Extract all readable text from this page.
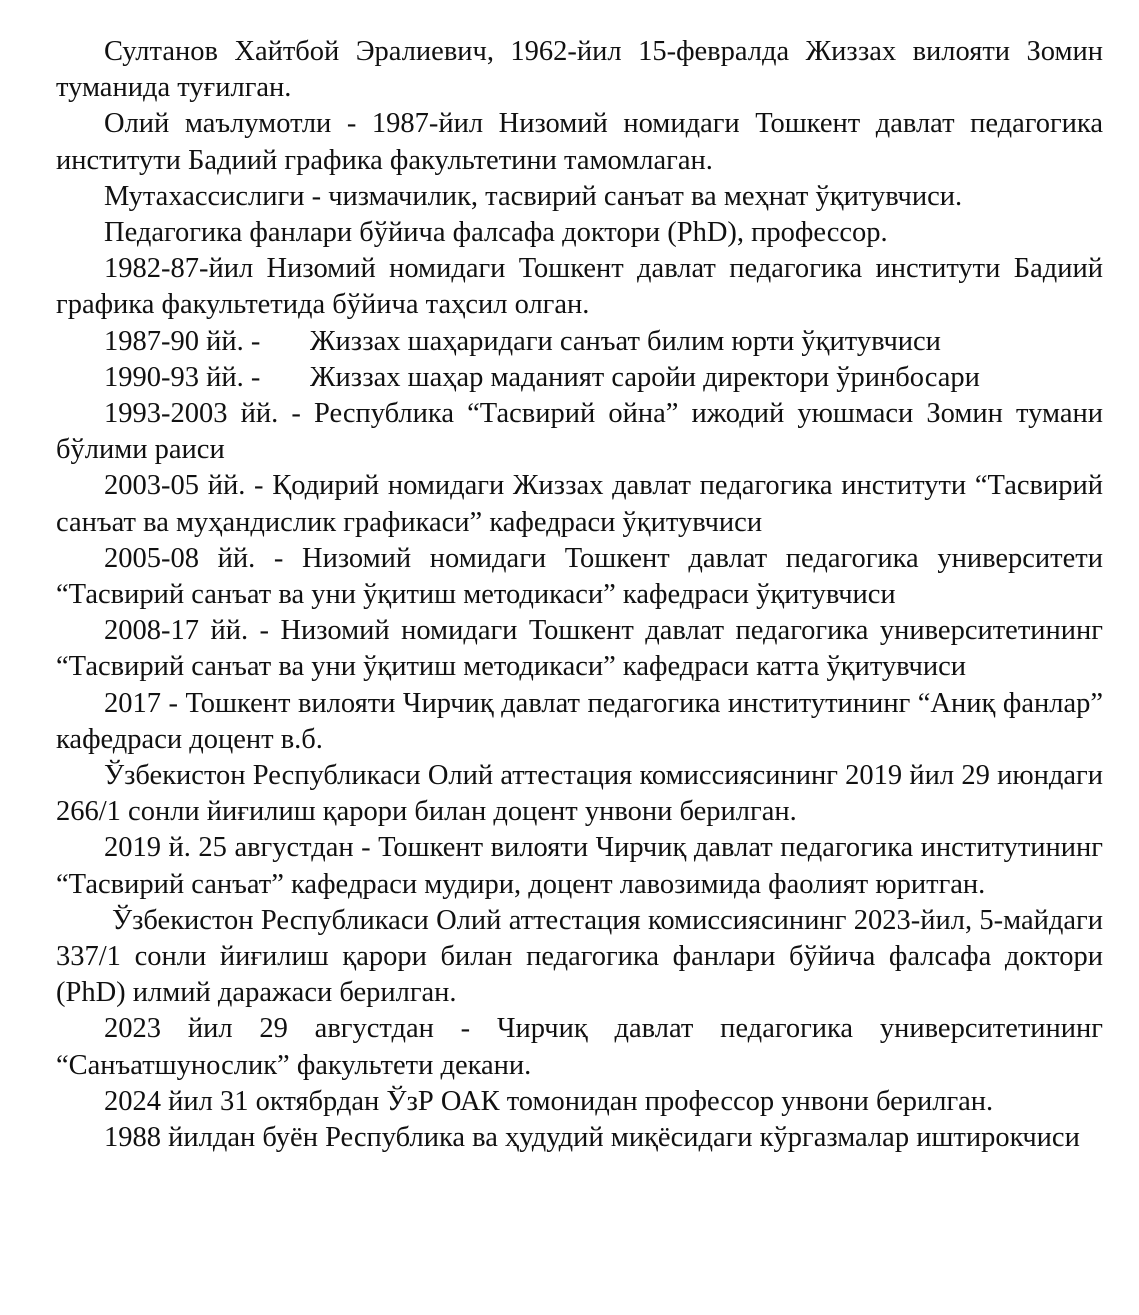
Султанов Хайтбой Эралиевич, 1962-йил 15-февралда Жиззах вилояти Зомин туманида туғилган.

Олий маълумотли - 1987-йил Низомий номидаги Тошкент давлат педагогика институти Бадиий графика факультетини тамомлаган.

Мутахассислиги - чизмачилик, тасвирий санъат ва меҳнат ўқитувчиси.

Педагогика фанлари бўйича фалсафа доктори (PhD), профессор.

1982-87-йил Низомий номидаги Тошкент давлат педагогика институти Бадиий графика факультетида бўйича таҳсил олган.

1987-90 йй. -	Жиззах шаҳаридаги санъат билим юрти ўқитувчиси
1990-93 йй. -	Жиззах шаҳар маданият саройи директори ўринбосари

1993-2003 йй. - Республика “Тасвирий ойна” ижодий уюшмаси Зомин тумани бўлими раиси

2003-05 йй. - Қодирий номидаги Жиззах давлат педагогика институти “Тасвирий санъат ва муҳандислик графикаси” кафедраси ўқитувчиси

2005-08 йй. - Низомий номидаги Тошкент давлат педагогика университети “Тасвирий санъат ва уни ўқитиш методикаси” кафедраси ўқитувчиси

2008-17 йй. - Низомий номидаги Тошкент давлат педагогика университетининг “Тасвирий санъат ва уни ўқитиш методикаси” кафедраси катта ўқитувчиси

2017 - Тошкент вилояти Чирчиқ давлат педагогика институтининг “Аниқ фанлар” кафедраси доцент в.б.

Ўзбекистон Республикаси Олий аттестация комиссиясининг 2019 йил 29 июндаги 266/1 сонли йиғилиш қарори билан доцент унвони берилган.

2019 й. 25 августдан - Тошкент вилояти Чирчиқ давлат педагогика институтининг “Тасвирий санъат” кафедраси мудири, доцент лавозимида фаолият юритган.

Ўзбекистон Республикаси Олий аттестация комиссиясининг 2023-йил, 5-майдаги 337/1 сонли йиғилиш қарори билан педагогика фанлари бўйича фалсафа доктори (PhD) илмий даражаси берилган.

2023 йил 29 августдан - Чирчиқ давлат педагогика университетининг “Санъатшунослик” факультети декани.

2024 йил 31 октябрдан ЎзР ОАК томонидан профессор унвони берилган.

1988 йилдан буён Республика ва ҳудудий миқёсидаги кўргазмалар иштирокчиси
